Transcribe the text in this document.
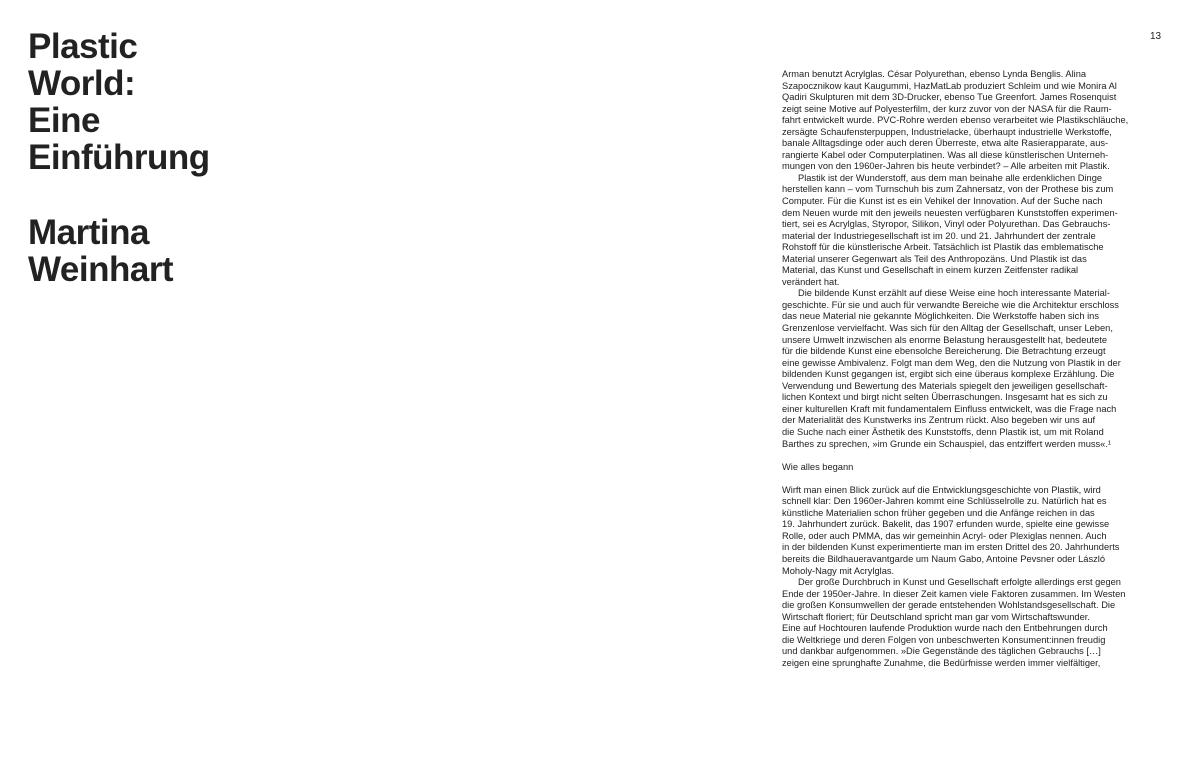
Plastic
World:
Eine
Einführung
Martina
Weinhart
13
Arman benutzt Acrylglas. César Polyurethan, ebenso Lynda Benglis. Alina
Szapocznikow kaut Kaugummi, HazMatLab produziert Schleim und wie Monira Al
Qadiri Skulpturen mit dem 3D-Drucker, ebenso Tue Greenfort. James Rosenquist
zeigt seine Motive auf Polyesterfilm, der kurz zuvor von der NASA für die Raum-
fahrt entwickelt wurde. PVC-Rohre werden ebenso verarbeitet wie Plastikschläuche,
zersägte Schaufensterpuppen, Industrielacke, überhaupt industrielle Werkstoffe,
banale Alltagsdinge oder auch deren Überreste, etwa alte Rasierapparate, aus-
rangierte Kabel oder Computerplatinen. Was all diese künstlerischen Unterneh-
mungen von den 1960er-Jahren bis heute verbindet? – Alle arbeiten mit Plastik.
Plastik ist der Wunderstoff, aus dem man beinahe alle erdenklichen Dinge
herstellen kann – vom Turnschuh bis zum Zahnersatz, von der Prothese bis zum
Computer. Für die Kunst ist es ein Vehikel der Innovation. Auf der Suche nach
dem Neuen wurde mit den jeweils neuesten verfügbaren Kunststoffen experimen-
tiert, sei es Acrylglas, Styropor, Silikon, Vinyl oder Polyurethan. Das Gebrauchs-
material der Industriegesellschaft ist im 20. und 21. Jahrhundert der zentrale
Rohstoff für die künstlerische Arbeit. Tatsächlich ist Plastik das emblematische
Material unserer Gegenwart als Teil des Anthropozäns. Und Plastik ist das
Material, das Kunst und Gesellschaft in einem kurzen Zeitfenster radikal
verändert hat.
Die bildende Kunst erzählt auf diese Weise eine hoch interessante Material-
geschichte. Für sie und auch für verwandte Bereiche wie die Architektur erschloss
das neue Material nie gekannte Möglichkeiten. Die Werkstoffe haben sich ins
Grenzenlose vervielfacht. Was sich für den Alltag der Gesellschaft, unser Leben,
unsere Umwelt inzwischen als enorme Belastung herausgestellt hat, bedeutete
für die bildende Kunst eine ebensolche Bereicherung. Die Betrachtung erzeugt
eine gewisse Ambivalenz. Folgt man dem Weg, den die Nutzung von Plastik in der
bildenden Kunst gegangen ist, ergibt sich eine überaus komplexe Erzählung. Die
Verwendung und Bewertung des Materials spiegelt den jeweiligen gesellschaft-
lichen Kontext und birgt nicht selten Überraschungen. Insgesamt hat es sich zu
einer kulturellen Kraft mit fundamentalem Einfluss entwickelt, was die Frage nach
der Materialität des Kunstwerks ins Zentrum rückt. Also begeben wir uns auf
die Suche nach einer Ästhetik des Kunststoffs, denn Plastik ist, um mit Roland
Barthes zu sprechen, »im Grunde ein Schauspiel, das entziffert werden muss«.¹
Wie alles begann
Wirft man einen Blick zurück auf die Entwicklungsgeschichte von Plastik, wird
schnell klar: Den 1960er-Jahren kommt eine Schlüsselrolle zu. Natürlich hat es
künstliche Materialien schon früher gegeben und die Anfänge reichen in das
19. Jahrhundert zurück. Bakelit, das 1907 erfunden wurde, spielte eine gewisse
Rolle, oder auch PMMA, das wir gemeinhin Acryl- oder Plexiglas nennen. Auch
in der bildenden Kunst experimentierte man im ersten Drittel des 20. Jahrhunderts
bereits die Bildhaueravantgarde um Naum Gabo, Antoine Pevsner oder László
Moholy-Nagy mit Acrylglas.
Der große Durchbruch in Kunst und Gesellschaft erfolgte allerdings erst gegen
Ende der 1950er-Jahre. In dieser Zeit kamen viele Faktoren zusammen. Im Westen
die großen Konsumwellen der gerade entstehenden Wohlstandsgesellschaft. Die
Wirtschaft floriert; für Deutschland spricht man gar vom Wirtschaftswunder.
Eine auf Hochtouren laufende Produktion wurde nach den Entbehrungen durch
die Weltkriege und deren Folgen von unbeschwerten Konsument:innen freudig
und dankbar aufgenommen. »Die Gegenstände des täglichen Gebrauchs […]
zeigen eine sprunghafte Zunahme, die Bedürfnisse werden immer vielfältiger,
